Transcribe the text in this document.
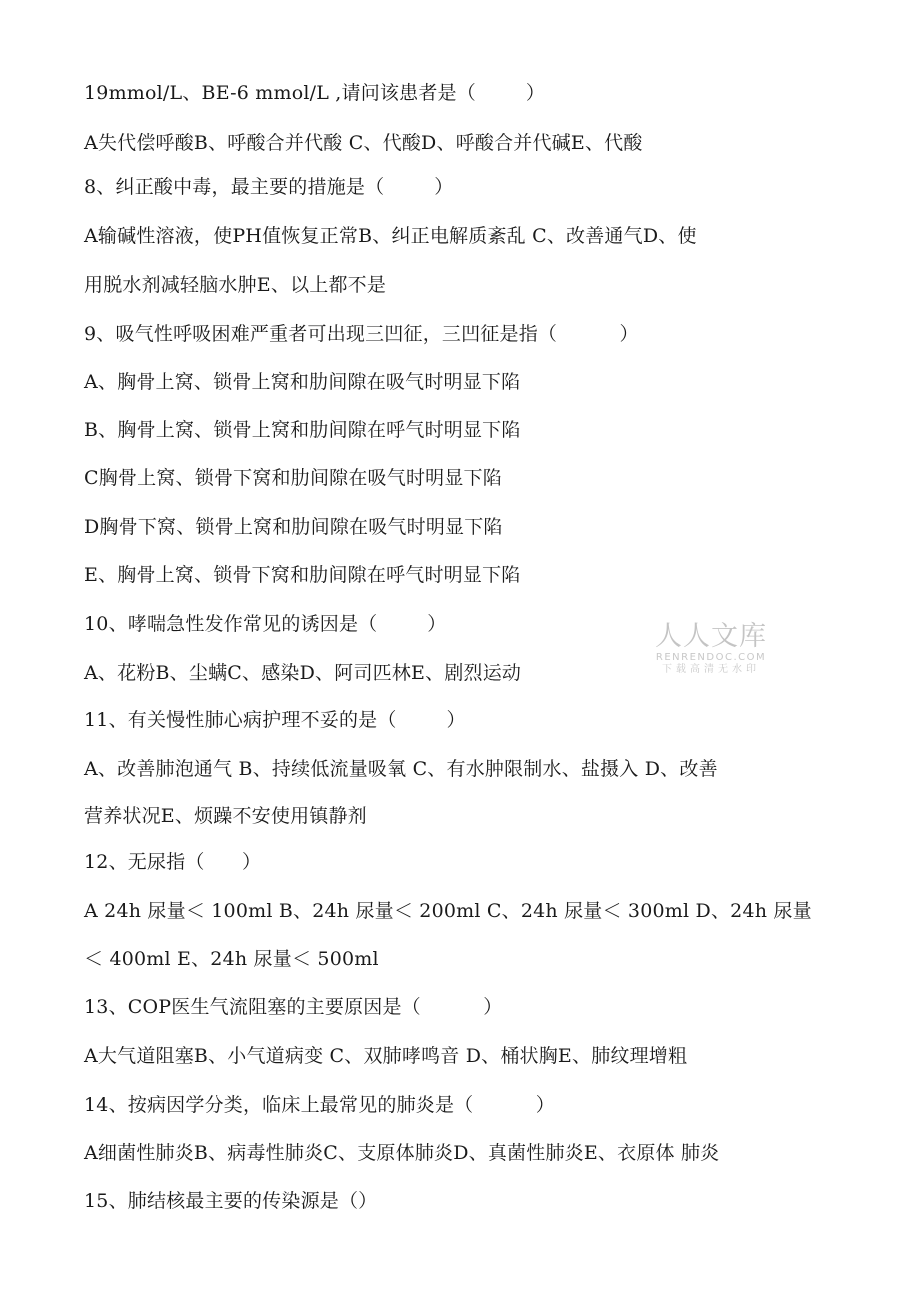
19mmol/L、BE-6 mmol/L ,请问该患者是（        ）
A失代偿呼酸B、呼酸合并代酸 C、代酸D、呼酸合并代碱E、代酸
8、纠正酸中毒，最主要的措施是（        ）
A输碱性溶液，使PH值恢复正常B、纠正电解质紊乱 C、改善通气D、使
用脱水剂减轻脑水肿E、以上都不是
9、吸气性呼吸困难严重者可出现三凹征，三凹征是指（          ）
A、胸骨上窝、锁骨上窝和肋间隙在吸气时明显下陷
B、胸骨上窝、锁骨上窝和肋间隙在呼气时明显下陷
C胸骨上窝、锁骨下窝和肋间隙在吸气时明显下陷
D胸骨下窝、锁骨上窝和肋间隙在吸气时明显下陷
E、胸骨上窝、锁骨下窝和肋间隙在呼气时明显下陷
10、哮喘急性发作常见的诱因是（        ）
A、花粉B、尘螨C、感染D、阿司匹林E、剧烈运动
11、有关慢性肺心病护理不妥的是（        ）
A、改善肺泡通气 B、持续低流量吸氧 C、有水肿限制水、盐摄入 D、改善
营养状况E、烦躁不安使用镇静剂
12、无尿指（      ）
A 24h 尿量＜ 100ml B、24h 尿量＜ 200ml C、24h 尿量＜ 300ml D、24h 尿量
＜ 400ml E、24h 尿量＜ 500ml
13、COP医生气流阻塞的主要原因是（          ）
A大气道阻塞B、小气道病变 C、双肺哮鸣音 D、桶状胸E、肺纹理增粗
14、按病因学分类，临床上最常见的肺炎是（          ）
A细菌性肺炎B、病毒性肺炎C、支原体肺炎D、真菌性肺炎E、衣原体 肺炎
15、肺结核最主要的传染源是（）
人人文库
RENRENDOC.COM
下载高清无水印
